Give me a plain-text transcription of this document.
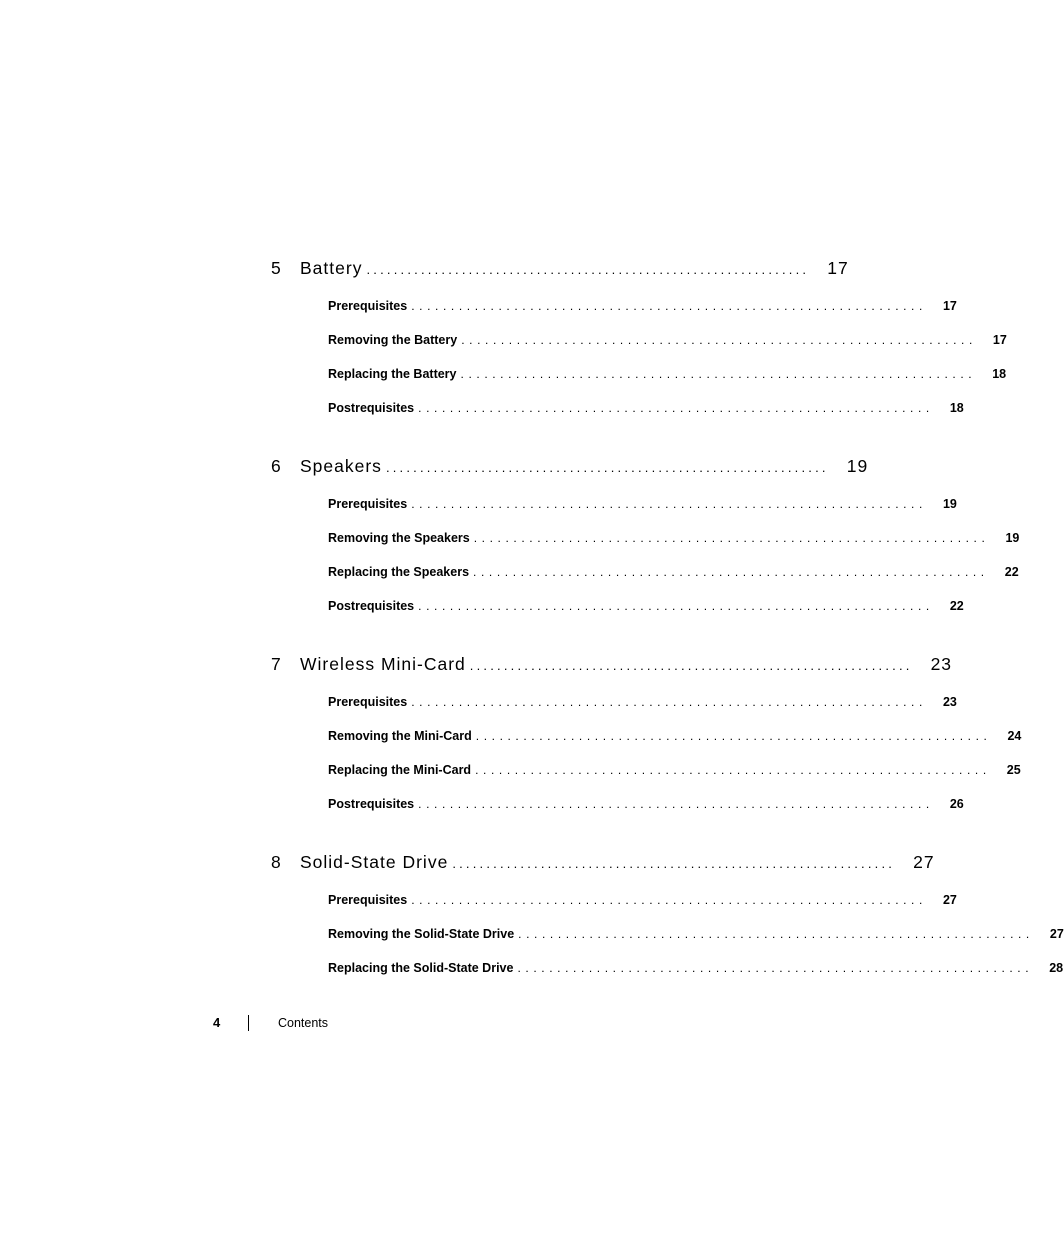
5	Battery ................................................................. 17
Prerequisites ................................................................. 17
Removing the Battery ................................................................. 17
Replacing the Battery ................................................................. 18
Postrequisites ................................................................. 18
6	Speakers ................................................................. 19
Prerequisites ................................................................. 19
Removing the Speakers ................................................................. 19
Replacing the Speakers ................................................................. 22
Postrequisites ................................................................. 22
7	Wireless Mini-Card ................................................................. 23
Prerequisites ................................................................. 23
Removing the Mini-Card ................................................................. 24
Replacing the Mini-Card ................................................................. 25
Postrequisites ................................................................. 26
8	Solid-State Drive ................................................................. 27
Prerequisites ................................................................. 27
Removing the Solid-State Drive ................................................................. 27
Replacing the Solid-State Drive ................................................................. 28
4	Contents
